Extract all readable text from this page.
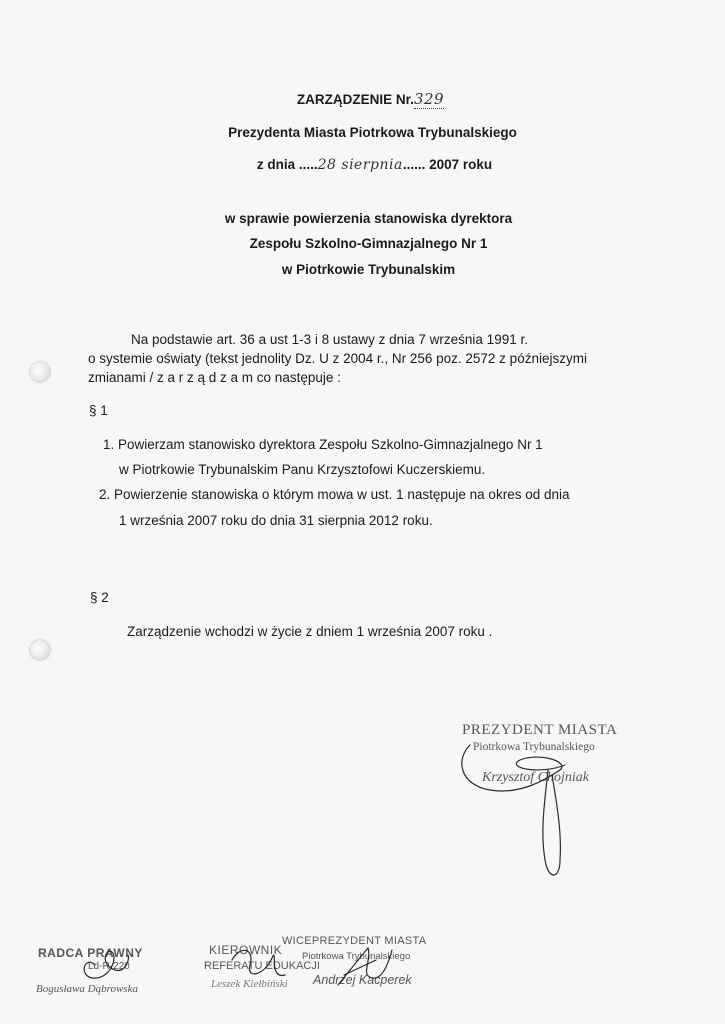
ZARZĄDZENIE Nr.329
Prezydenta Miasta Piotrkowa Trybunalskiego
z dnia .....28 sierpnia...... 2007 roku
w sprawie powierzenia stanowiska dyrektora
Zespołu Szkolno-Gimnazjalnego Nr 1
w Piotrkowie Trybunalskim
Na podstawie art. 36 a ust 1-3 i 8 ustawy z dnia 7 września 1991 r.
o systemie oświaty (tekst jednolity Dz. U z 2004 r., Nr 256 poz. 2572 z późniejszymi
zmianami / z a r z ą d z a m co następuje :
§ 1
1. Powierzam stanowisko dyrektora Zespołu Szkolno-Gimnazjalnego Nr 1
w Piotrkowie Trybunalskim Panu Krzysztofowi Kuczerskiemu.
2. Powierzenie stanowiska o którym mowa w ust. 1 następuje na okres od dnia
1 września 2007 roku do dnia 31 sierpnia 2012 roku.
§ 2
Zarządzenie wchodzi w życie z dniem 1 września 2007 roku .
PREZYDENT MIASTA
Piotrkowa Trybunalskiego
Krzysztof Chojniak
RADCA PRAWNY
Ld-R-220
Bogusława Dąbrowska
KIEROWNIK
REFERATU EDUKACJI
Leszek Kiełbiński
WICEPREZYDENT MIASTA
Piotrkowa Trybunalskiego
Andrzej Kacperek
